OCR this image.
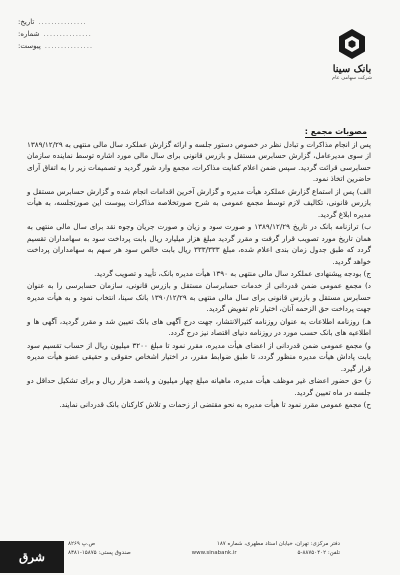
...............
تاریخ:
...............
شماره:
...............
پیوست:
بانک سینا
شرکت سهامی عام
مصوبات مجمع :

پس از انجام مذاکرات و تبادل نظر در خصوص دستور جلسه و ارائه گزارش عملکرد سال مالی منتهی به ۱۳۸۹/۱۲/۲۹ از سوی مدیرعامل، گزارش حسابرس مستقل و بازرس قانونی برای سال مالی مورد اشاره توسط نماینده سازمان حسابرسی قرائت گردید. سپس ضمن اعلام کفایت مذاکرات، مجمع وارد شور گردید و تصمیمات زیر را به اتفاق آرای حاضرین اتخاذ نمود.

الف) پس از استماع گزارش عملکرد هیأت مدیره و گزارش آخرین اقدامات انجام شده و گزارش حسابرس مستقل و بازرس قانونی، تکالیف لازم توسط مجمع عمومی به شرح صورتخلاصه مذاکرات پیوست این صورتجلسه، به هیأت مدیره ابلاغ گردید.

ب) ترازنامه بانک در تاریخ ۱۳۸۹/۱۲/۲۹ و صورت سود و زیان و صورت جریان وجوه نقد برای سال مالی منتهی به همان تاریخ مورد تصویب قرار گرفت و مقرر گردید مبلغ هزار میلیارد ریال بابت پرداخت سود به سهامداران تقسیم گردد که طبق جدول زمان بندی اعلام شده، مبلغ ۳۳۳/۳۳۳ ریال بابت خالص سود هر سهم به سهامداران پرداخت خواهد گردید.

ج) بودجه پیشنهادی عملکرد سال مالی منتهی به ۱۳۹۰ هیأت مدیره بانک، تأیید و تصویب گردید.

د) مجمع عمومی ضمن قدردانی از خدمات حسابرسان مستقل و بازرس قانونی، سازمان حسابرسی را به عنوان حسابرس مستقل و بازرس قانونی برای سال مالی منتهی به ۱۳۹۰/۱۲/۲۹ بانک سینا، انتخاب نمود و به هیأت مدیره جهت پرداخت حق الزحمه آنان، اختیار تام تفویض گردید.

هـ) روزنامه اطلاعات به عنوان روزنامه کثیرالانتشار، جهت درج آگهی های بانک تعیین شد و مقرر گردید، آگهی ها و اطلاعیه های بانک حسب مورد در روزنامه دنیای اقتصاد نیز درج گردد.

و) مجمع عمومی ضمن قدردانی از اعضای هیأت مدیره، مقرر نمود تا مبلغ ۳۲۰۰ میلیون ریال از حساب تقسیم سود بابت پاداش هیأت مدیره منظور گردد، تا طبق ضوابط مقرر، در اختیار اشخاص حقوقی و حقیقی عضو هیأت مدیره قرار گیرد.

ز) حق حضور اعضای غیر موظف هیأت مدیره، ماهیانه مبلغ چهار میلیون و پانصد هزار ریال و برای تشکیل حداقل دو جلسه در ماه تعیین گردید.

ح) مجمع عمومی مقرر نمود تا هیأت مدیره به نحو مقتضی از زحمات و تلاش کارکنان بانک قدردانی نمایند.

دفتر مرکزی: تهران، خیابان استاد مطهری، شماره ۱۸۷
ص.پ ۸۲۶۹
تلفن: ۸۸۷۵۰۴۰۲-۵
www.sinabank.ir
صندوق پستی: ۱۵۸۷۵-۸۳۸۱
شرق
